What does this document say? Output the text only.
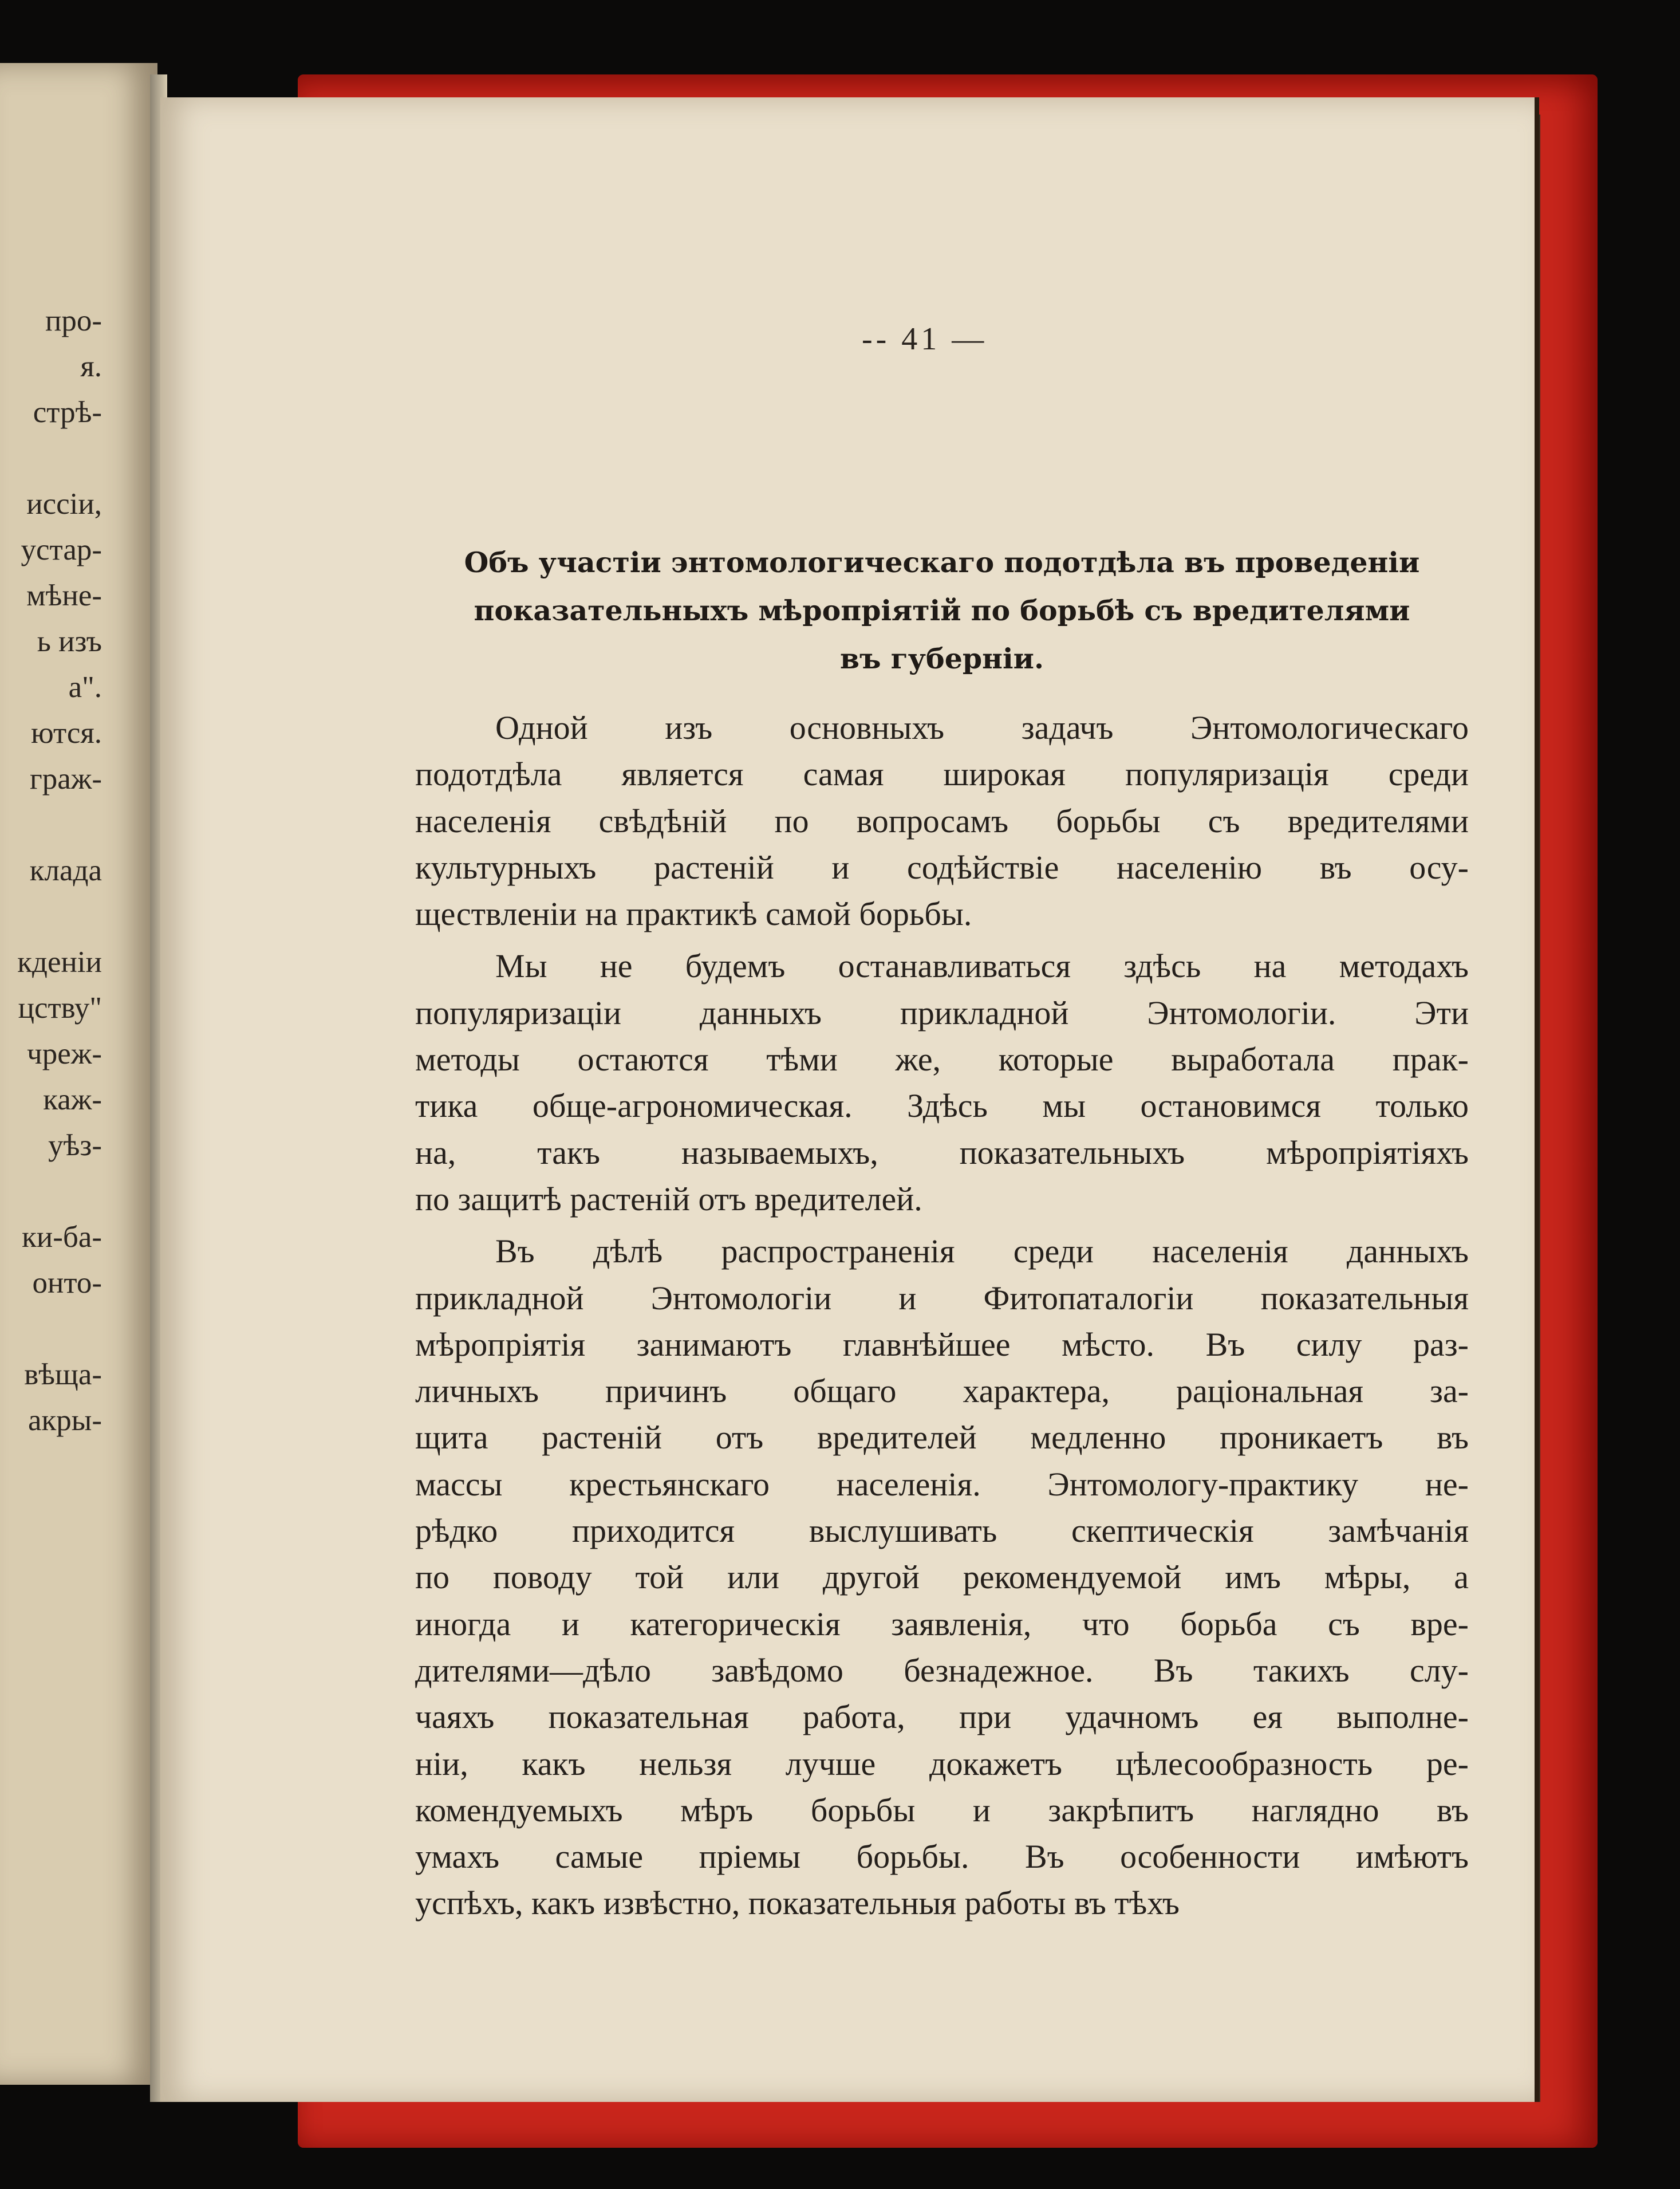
про-
я.
стрѣ-
иссіи,
устар-
мѣне-
ь изъ
а".
ются.
граж-
клада
кденіи
цству"
чреж-
каж-
уѣз-
ки-ба-
онто-
вѣща-
акры-
-- 41 —
Объ участіи энтомологическаго подотдѣла въ проведеніи
показательныхъ мѣропріятій по борьбѣ съ вредителями
въ губерніи.
Одной изъ основныхъ задачъ Энтомологическаго
подотдѣла является самая широкая популяризація среди
населенія свѣдѣній по вопросамъ борьбы съ вредителями
культурныхъ растеній и содѣйствіе населенію въ осу-
ществленіи на практикѣ самой борьбы.
Мы не будемъ останавливаться здѣсь на методахъ
популяризаціи данныхъ прикладной Энтомологіи. Эти
методы остаются тѣми же, которые выработала прак-
тика обще-агрономическая. Здѣсь мы остановимся только
на, такъ называемыхъ, показательныхъ мѣропріятіяхъ
по защитѣ растеній отъ вредителей.
Въ дѣлѣ распространенія среди населенія данныхъ
прикладной Энтомологіи и Фитопаталогіи показательныя
мѣропріятія занимаютъ главнѣйшее мѣсто. Въ силу раз-
личныхъ причинъ общаго характера, раціональная за-
щита растеній отъ вредителей медленно проникаетъ въ
массы крестьянскаго населенія. Энтомологу-практику не-
рѣдко приходится выслушивать скептическія замѣчанія
по поводу той или другой рекомендуемой имъ мѣры, а
иногда и категорическія заявленія, что борьба съ вре-
дителями—дѣло завѣдомо безнадежное. Въ такихъ слу-
чаяхъ показательная работа, при удачномъ ея выполне-
ніи, какъ нельзя лучше докажетъ цѣлесообразность ре-
комендуемыхъ мѣръ борьбы и закрѣпитъ наглядно въ
умахъ самые пріемы борьбы. Въ особенности имѣютъ
успѣхъ, какъ извѣстно, показательныя работы въ тѣхъ
